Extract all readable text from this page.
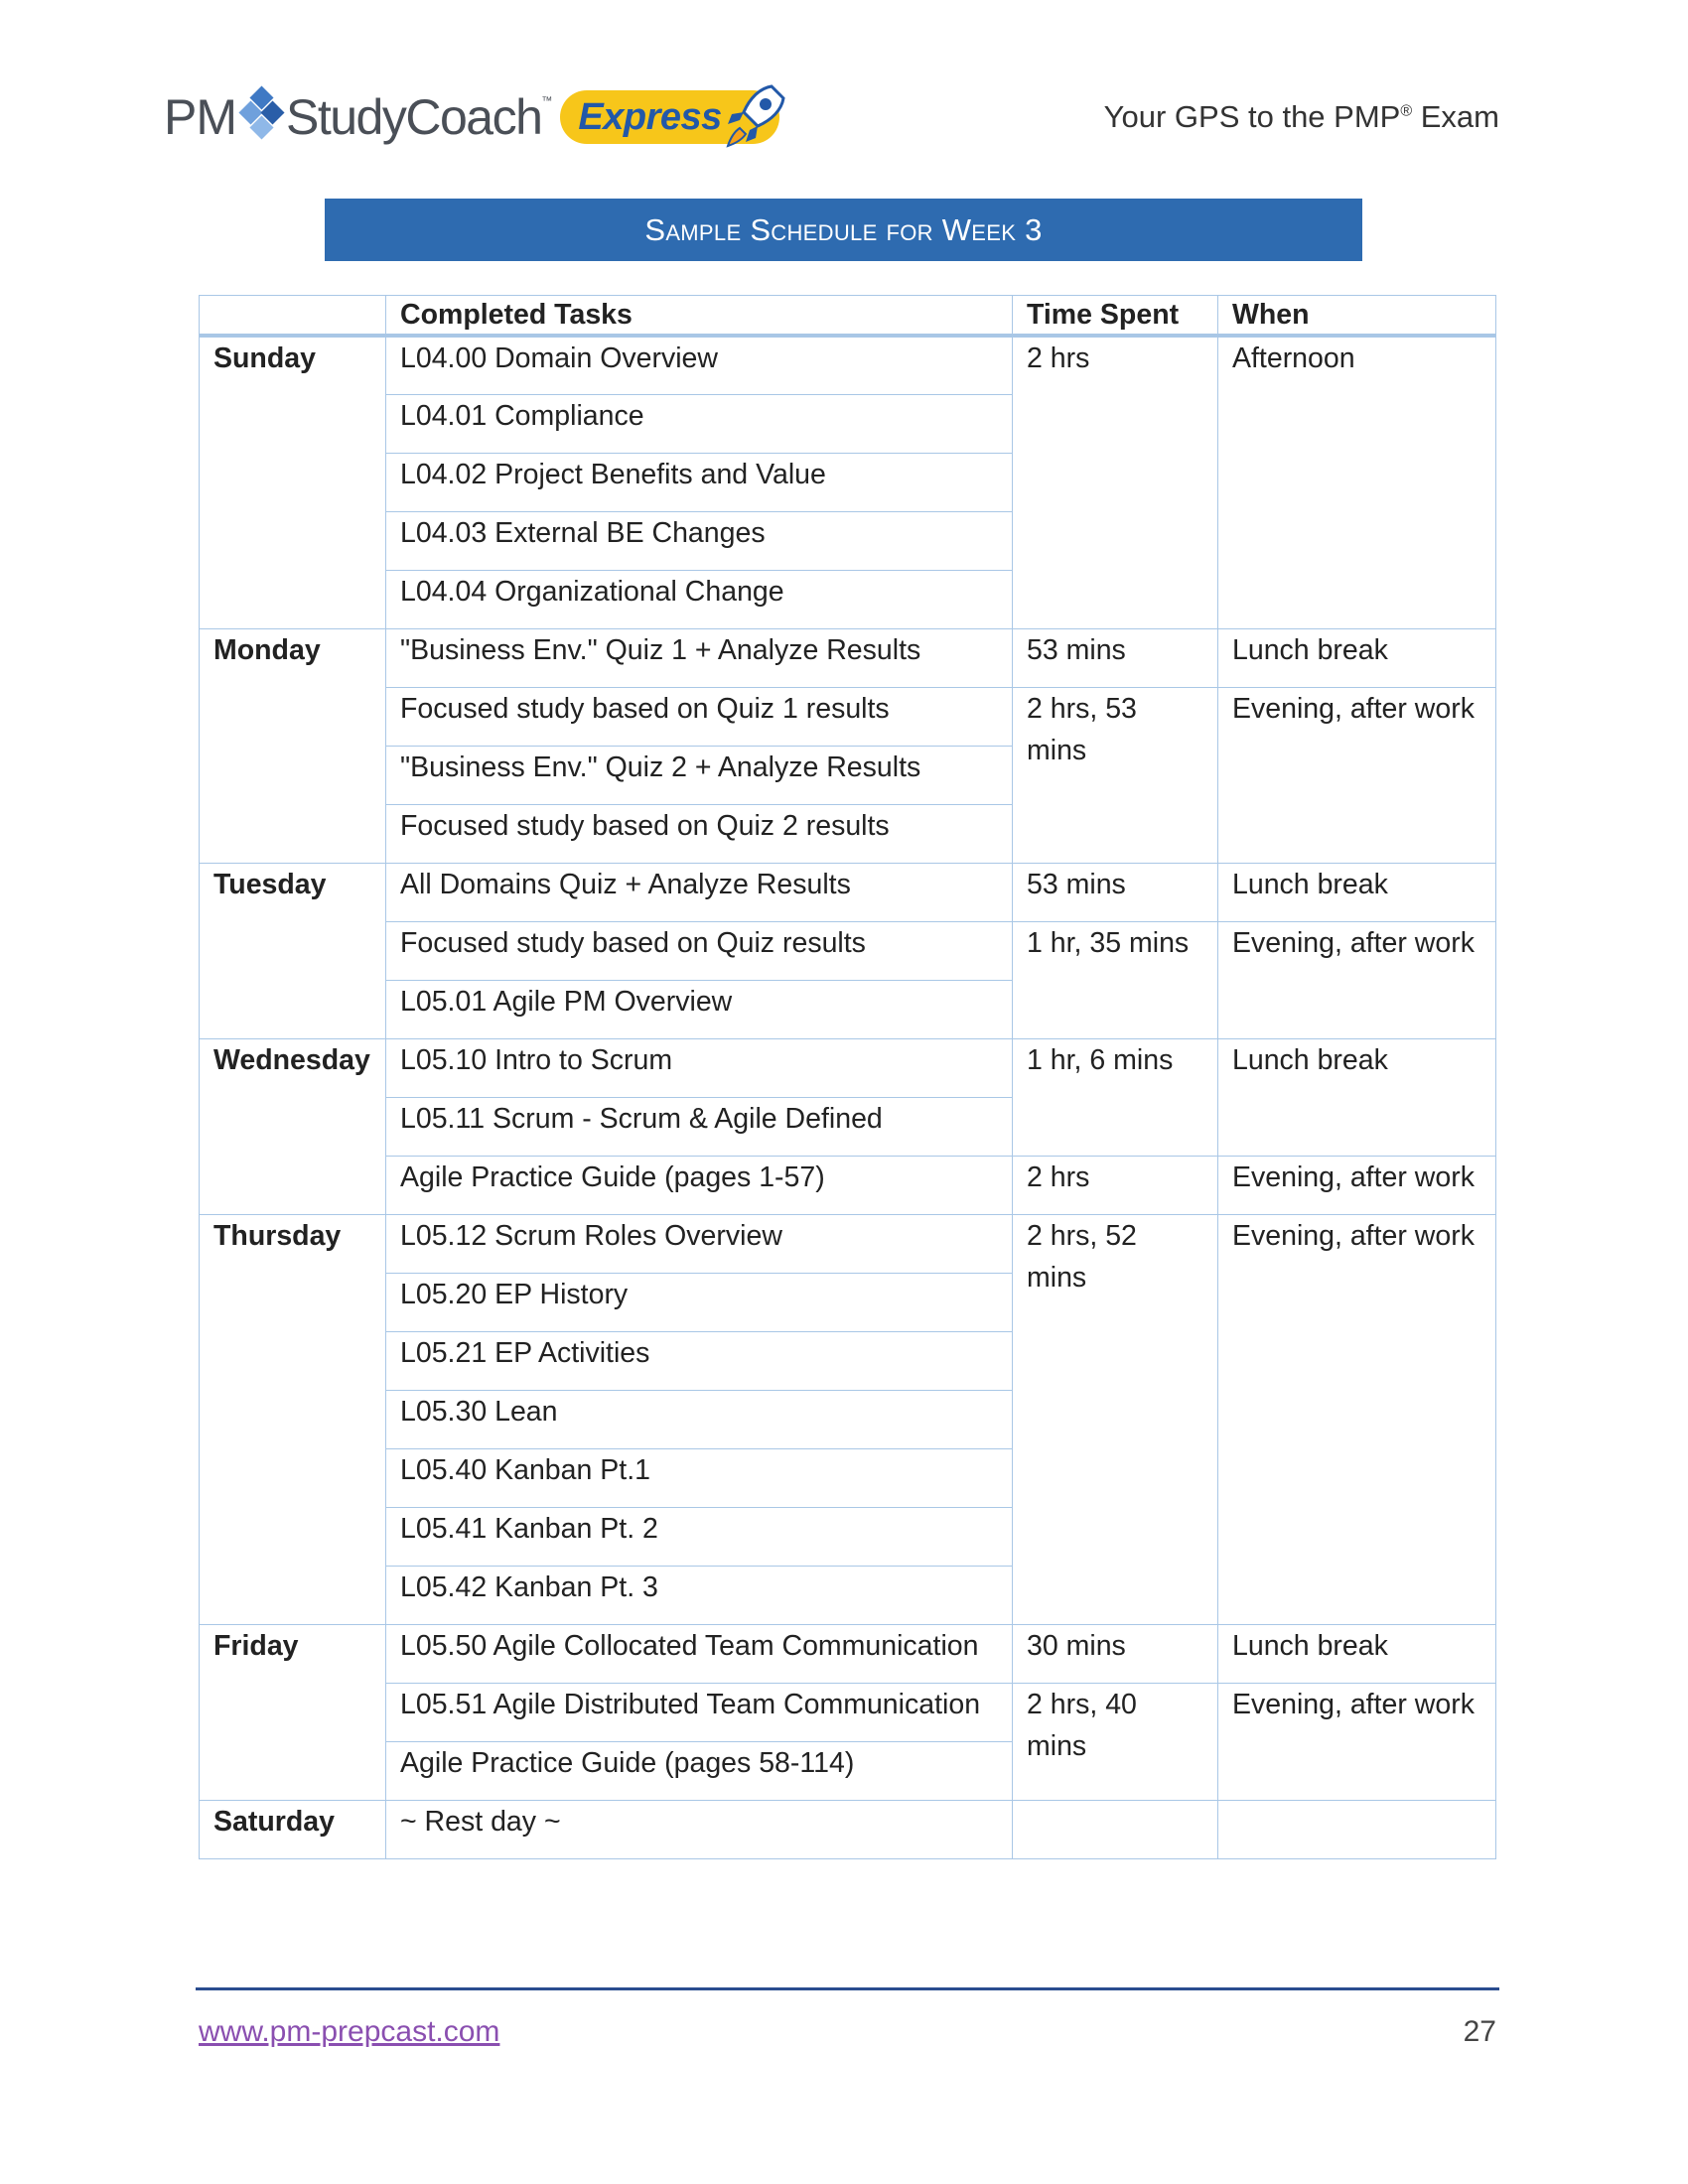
PM StudyCoach ™ Express	Your GPS to the PMP® Exam
Sample Schedule for Week 3
	Completed Tasks	Time Spent	When
Sunday	L04.00 Domain Overview	2 hrs	Afternoon
	L04.01 Compliance		
	L04.02 Project Benefits and Value		
	L04.03 External BE Changes		
	L04.04 Organizational Change		
Monday	"Business Env." Quiz 1 + Analyze Results	53 mins	Lunch break
	Focused study based on Quiz 1 results	2 hrs, 53 mins	Evening, after work
	"Business Env." Quiz 2 + Analyze Results		
	Focused study based on Quiz 2 results		
Tuesday	All Domains Quiz + Analyze Results	53 mins	Lunch break
	Focused study based on Quiz results	1 hr, 35 mins	Evening, after work
	L05.01 Agile PM Overview		
Wednesday	L05.10 Intro to Scrum	1 hr, 6 mins	Lunch break
	L05.11 Scrum - Scrum & Agile Defined		
	Agile Practice Guide (pages 1-57)	2 hrs	Evening, after work
Thursday	L05.12 Scrum Roles Overview	2 hrs, 52 mins	Evening, after work
	L05.20 EP History		
	L05.21 EP Activities		
	L05.30 Lean		
	L05.40 Kanban Pt.1		
	L05.41 Kanban Pt. 2		
	L05.42 Kanban Pt. 3		
Friday	L05.50 Agile Collocated Team Communication	30 mins	Lunch break
	L05.51 Agile Distributed Team Communication	2 hrs, 40 mins	Evening, after work
	Agile Practice Guide (pages 58-114)		
Saturday	~ Rest day ~		
www.pm-prepcast.com	27
